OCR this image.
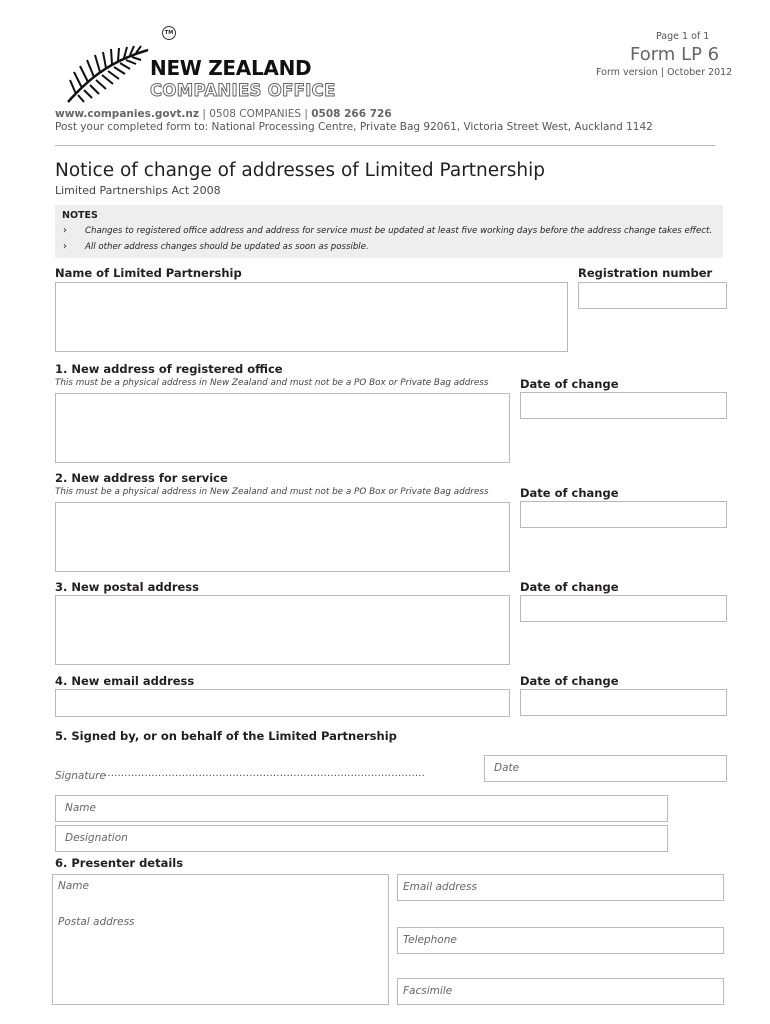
Page 1 of 1
Form LP 6
Form version | October 2012
TM
NEW ZEALAND
COMPANIES OFFICE
www.companies.govt.nz | 0508 COMPANIES | 0508 266 726
Post your completed form to: National Processing Centre, Private Bag 92061, Victoria Street West, Auckland 1142
Notice of change of addresses of Limited Partnership
Limited Partnerships Act 2008
NOTES
› Changes to registered office address and address for service must be updated at least five working days before the address change takes effect.
› All other address changes should be updated as soon as possible.
Name of Limited Partnership	Registration number
1. New address of registered office
This must be a physical address in New Zealand and must not be a PO Box or Private Bag address	Date of change
2. New address for service
This must be a physical address in New Zealand and must not be a PO Box or Private Bag address	Date of change
3. New postal address	Date of change
4. New email address	Date of change
5. Signed by, or on behalf of the Limited Partnership
Signature
...............................................................................................	Date
Name
Designation
6. Presenter details
Name
Postal address
Email address
Telephone
Facsimile
